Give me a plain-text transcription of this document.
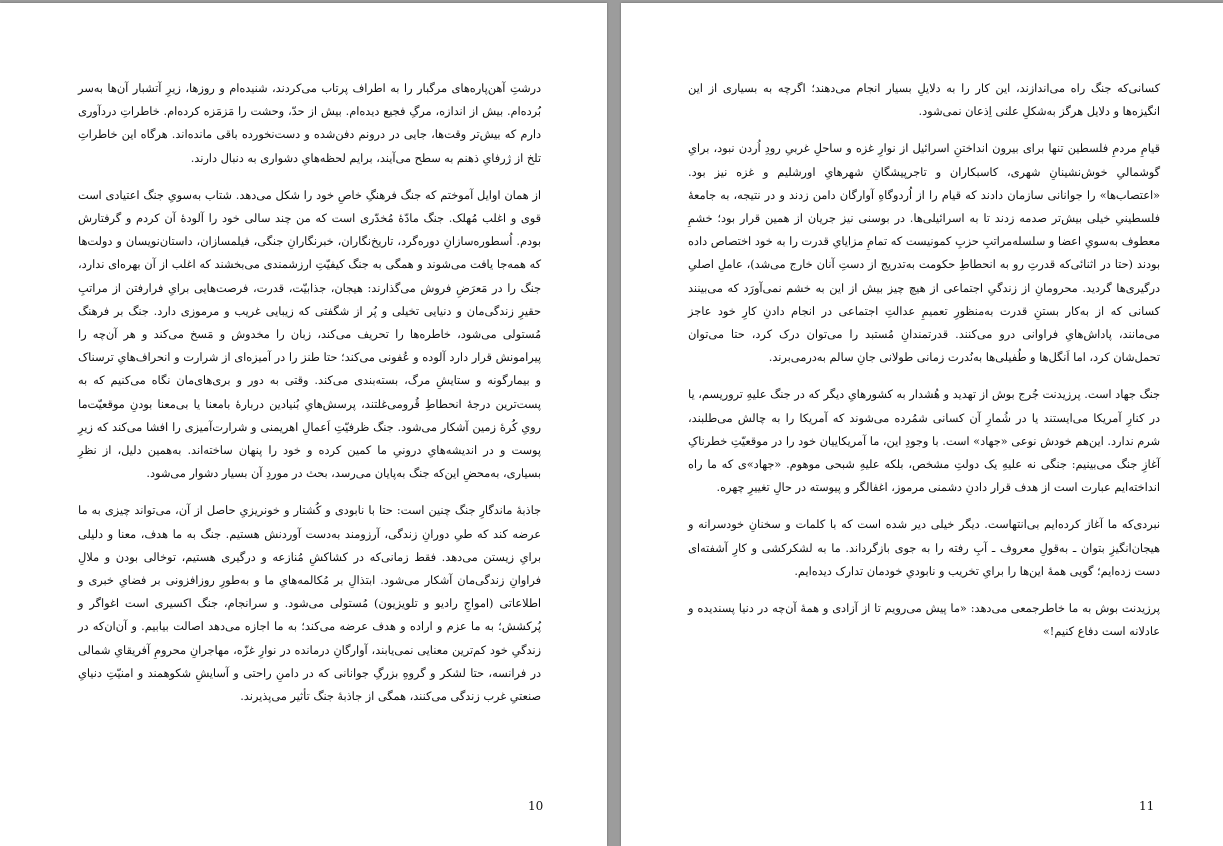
درشتِ آهن‌پاره‌های مرگبار را به اطراف پرتاب می‌کردند، شنیده‌ام و روزها، زیرِ آتشبار آن‌ها به‌سر بُرده‌ام. بیش از اندازه، مرگِ فجیع دیده‌ام. بیش از حدّ، وحشت را مَزمَزه کرده‌ام. خاطراتِ دردآوری دارم که بیش‌تر وقت‌ها، جایی در درونم دفن‌شده و دست‌نخورده باقی مانده‌اند. هرگاه این خاطراتِ تلخ از ژرفایِ ذهنم به سطح می‌آیند، برایم لحظه‌هایِ دشواری به دنبال دارند.

از همان اوایل آموختم که جنگ فرهنگِ خاصِ خود را شکل می‌دهد. شتاب به‌سویِ جنگ اعتیادی است قوی و اغلب مُهلک. جنگ مادّهٔ مُخدّری است که من چند سالی خود را آلودهٔ آن کردم و گرفتارش بودم. اُسطوره‌سازانِ دوره‌گرد، تاریخ‌نگاران، خبرنگارانِ جنگی، فیلمسازان، داستان‌نویسان و دولت‌ها که همه‌جا یافت می‌شوند و همگی به جنگ کیفیّتِ ارزشمندی می‌بخشند که اغلب از آن بهره‌ای ندارد، جنگ را در مَعرَضِ فروش می‌گذارند: هیجان، جذابیّت، قدرت، فرصت‌هایی برایِ فرارفتن از مراتبِ حقیرِ زندگی‌مان و دنیایی تخیلی و پُر از شگفتی که زیبایی غریب و مرموزی دارد. جنگ بر فرهنگ مُستولی می‌شود، خاطره‌ها را تحریف می‌کند، زبان را مخدوش و مَسخ می‌کند و هر آن‌چه را پیرامونش قرار دارد آلوده و عُفونی می‌کند؛ حتا طنز را در آمیزه‌ای از شرارت و انحراف‌هایِ ترسناک و بیمارگونه و ستایشِ مرگ، بسته‌بندی می‌کند. وقتی به دور و بری‌های‌مان نگاه می‌کنیم که به پست‌ترین درجهٔ انحطاطِ قُرومی‌غلتند، پرسش‌هایِ بُنیادین دربارهٔ بامعنا یا بی‌معنا بودنِ موقعیّت‌ما رویِ کُرهٔ زمین آشکار می‌شود. جنگ ظرفیّتِ اَعمالِ اهریمنی و شرارت‌آمیزی را افشا می‌کند که زیرِ پوست و در اندیشه‌هایِ درونیِ ما کمین کرده و خود را پنهان ساخته‌اند. به‌همین دلیل، از نظرِ بسیاری، به‌محضِ این‌که جنگ به‌پایان می‌رسد، بحث در موردِ آن بسیار دشوار می‌شود.

جاذبهٔ ماندگارِ جنگ چنین است: حتا با نابودی و کُشتار و خونریزیِ حاصل از آن، می‌تواند چیزی به ما عرضه کند که طیِ دورانِ زندگی، آرزومند به‌دست آوردنش هستیم. جنگ به ما هدف، معنا و دلیلی برایِ زیستن می‌دهد. فقط زمانی‌که در کشاکشِ مُنازعه و درگیری هستیم، توخالی بودن و ملالِ فراوانِ زندگی‌مان آشکار می‌شود. ابتذالِ بر مُکالمه‌هایِ ما و به‌طورِ روزافزونی بر فضایِ خبری و اطلاعاتی (امواجِ رادیو و تلویزیون) مُستولی می‌شود. و سرانجام، جنگ اکسیری است اغواگر و پُرکشش؛ به ما عزم و اراده و هدف عرضه می‌کند؛ به ما اجازه می‌دهد اصالت بیابیم. و آن‌ان‌که در زندگیِ خود کم‌ترین معنایی نمی‌یابند، آوارگانِ درمانده در نوارِ غزّه، مهاجرانِ محرومِ آفریقایِ شمالی در فرانسه، حتا لشکر و گروهِ بزرگِ جوانانی که در دامنِ راحتی و آسایشِ شکوهمند و امنیّتِ دنیایِ صنعتیِ غرب زندگی می‌کنند، همگی از جاذبهٔ جنگ تأثیر می‌پذیرند.

10

کسانی‌که جنگ راه می‌اندازند، این کار را به دلایلِ بسیار انجام می‌دهند؛ اگرچه به بسیاری از این انگیزه‌ها و دلایل هرگز به‌شکلِ علنی اِذعان نمی‌شود.

قیامِ مردمِ فلسطین تنها برای بیرون انداختنِ اسرائیل از نوارِ غزه و ساحلِ غربیِ رودِ اُردن نبود، برایِ گوشمالیِ خوش‌نشینانِ شهری، کاسبکاران و تاجرپیشگانِ شهرهایِ اورشلیم و غزه نیز بود. «اعتصاب‌ها» را جوانانی سازمان دادند که قیام را از اُردوگاهِ آوارگان دامن زدند و در نتیجه، به جامعهٔ فلسطینیِ خیلی بیش‌تر صدمه زدند تا به اسرائیلی‌ها. در بوسنی نیز جریان از همین قرار بود؛ خشمِ معطوف به‌سویِ اعضا و سلسله‌مراتبِ حزبِ کمونیست که تمامِ مزایایِ قدرت را به خود اختصاص داده بودند (حتا در اثنائی‌که قدرتِ رو به انحطاطِ حکومت به‌تدریج از دستِ آنان خارج می‌شد)، عاملِ اصلیِ درگیری‌ها گردید. محرومانِ از زندگیِ اجتماعی از هیچ چیز بیش از این به خشم نمی‌آورَد که می‌بینند کسانی که از به‌کار بستنِ قدرت به‌منظورِ تعمیمِ عدالتِ اجتماعی در انجام دادنِ کارِ خود عاجز می‌مانند، پاداش‌هایِ فراوانی درو می‌کنند. قدرتمندانِ مُستبد را می‌توان درک کرد، حتا می‌توان تحمل‌شان کرد، اما اَنگل‌ها و طُفیلی‌ها به‌نُدرت زمانی طولانی جانِ سالم به‌درمی‌برند.

جنگ جهاد است. پرزیدنت جُرج بوش از تهدید و هُشدار به کشورهایِ دیگر که در جنگ علیهِ تروریسم، یا در کنارِ آمریکا می‌ایستند یا در شُمارِ آن کسانی شمُرده می‌شوند که آمریکا را به چالش می‌طلبند، شرم ندارد. این‌هم خودش نوعی «جهاد» است. با وجودِ این، ما آمریکاییان خود را در موقعیّتِ خطرناکِ آغازِ جنگ می‌بینیم: جنگی نه علیهِ یک دولتِ مشخص، بلکه علیهِ شبحی موهوم. «جهاد»ی که ما راه انداخته‌ایم عبارت است از هدف قرار دادنِ دشمنی مرموز، اغفالگر و پیوسته در حالِ تغییرِ چهره.

نبردی‌که ما آغاز کرده‌ایم بی‌انتهاست. دیگر خیلی دیر شده است که با کلمات و سخنانِ خودسرانه و هیجان‌انگیزِ بتوان ـ به‌قولِ معروف ـ آبِ رفته را به جوی بازگرداند. ما به لشکرکشی و کارِ آشفته‌ای دست زده‌ایم؛ گویی همهٔ این‌ها را برایِ تخریب و نابودیِ خودمان تدارک دیده‌ایم.

پرزیدنت بوش به ما خاطرجمعی می‌دهد: «ما پیش می‌رویم تا از آزادی و همهٔ آن‌چه در دنیا پسندیده و عادلانه است دفاع کنیم!»

11
